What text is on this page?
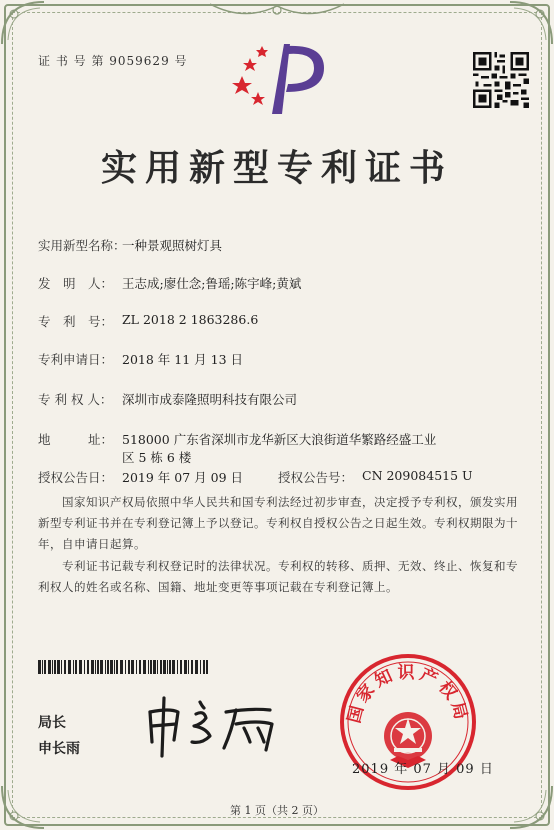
证 书 号 第 9059629 号
实用新型专利证书
实用新型名称：
一种景观照树灯具
发　明　人： 王志成;廖仕念;鲁瑶;陈宇峰;黄斌
专　利　号： ZL 2018 2 1863286.6
专利申请日： 2018 年 11 月 13 日
专 利 权 人： 深圳市成泰隆照明科技有限公司
地　　　址： 518000 广东省深圳市龙华新区大浪街道华繁路经盛工业
区 5 栋 6 楼
授权公告日： 2019 年 07 月 09 日	授权公告号： CN 209084515 U
国家知识产权局依照中华人民共和国专利法经过初步审查，决定授予专利权，颁发实用新型专利证书并在专利登记簿上予以登记。专利权自授权公告之日起生效。专利权期限为十年，自申请日起算。
专利证书记载专利权登记时的法律状况。专利权的转移、质押、无效、终止、恢复和专利权人的姓名或名称、国籍、地址变更等事项记载在专利登记簿上。
局长
申长雨
国家知识产权局
2019 年 07 月 09 日
第 1 页（共 2 页）
